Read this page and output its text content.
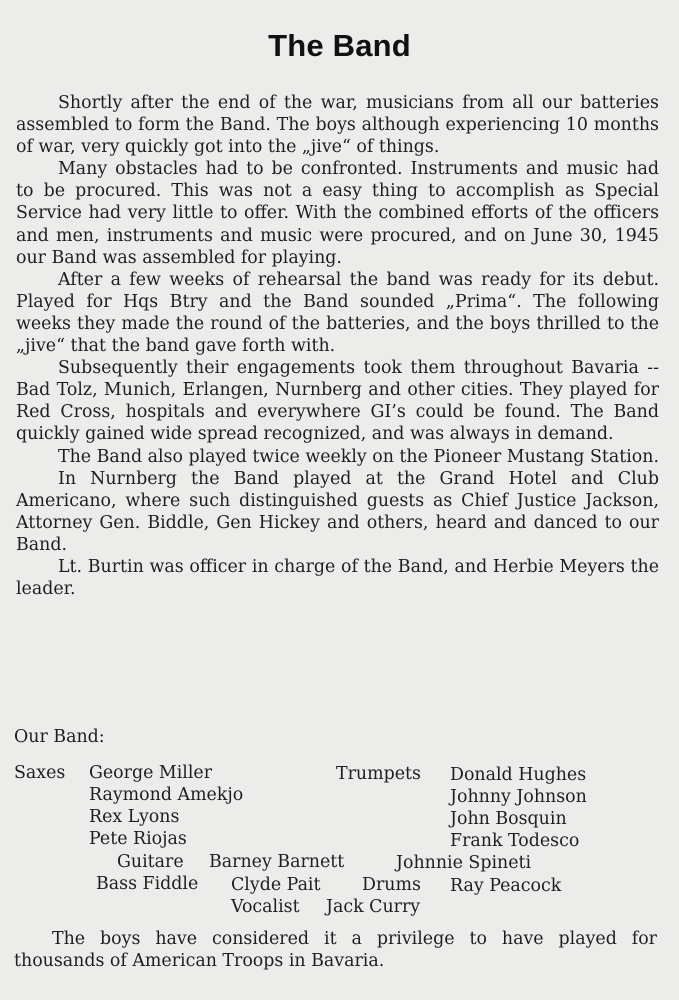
The Band

Shortly after the end of the war, musicians from all our batteries assembled to form the Band. The boys although experiencing 10 months of war, very quickly got into the „jive“ of things.

Many obstacles had to be confronted. Instruments and music had to be procured. This was not a easy thing to accomplish as Special Service had very little to offer. With the combined efforts of the officers and men, instruments and music were procured, and on June 30, 1945 our Band was assembled for playing.

After a few weeks of rehearsal the band was ready for its debut. Played for Hqs Btry and the Band sounded „Prima“. The following weeks they made the round of the batteries, and the boys thrilled to the „jive“ that the band gave forth with.

Subsequently their engagements took them throughout Bavaria -- Bad Tolz, Munich, Erlangen, Nurnberg and other cities. They played for Red Cross, hospitals and everywhere GI’s could be found. The Band quickly gained wide spread recognized, and was always in demand.

The Band also played twice weekly on the Pioneer Mustang Station.

In Nurnberg the Band played at the Grand Hotel and Club Americano, where such distinguished guests as Chief Justice Jackson, Attorney Gen. Biddle, Gen Hickey and others, heard and danced to our Band.

Lt. Burtin was officer in charge of the Band, and Herbie Meyers the leader.

Our Band:
Saxes George Miller
Raymond Amekjo
Rex Lyons
Pete Riojas
Trumpets Donald Hughes
Johnny Johnson
John Bosquin
Frank Todesco
Guitare Barney Barnett	Johnnie Spineti
Bass Fiddle Clyde Pait Drums Ray Peacock
Vocalist Jack Curry

The boys have considered it a privilege to have played for thousands of American Troops in Bavaria.
